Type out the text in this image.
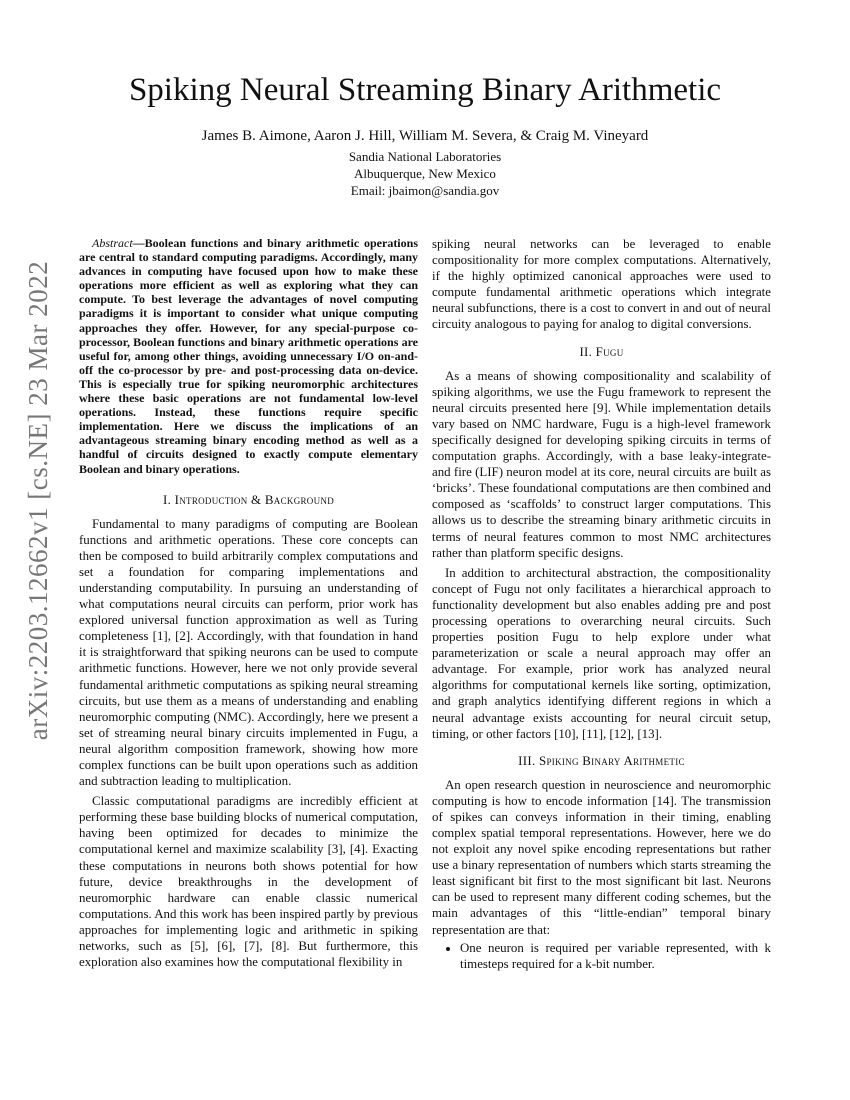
arXiv:2203.12662v1 [cs.NE] 23 Mar 2022
Spiking Neural Streaming Binary Arithmetic
James B. Aimone, Aaron J. Hill, William M. Severa, & Craig M. Vineyard
Sandia National Laboratories
Albuquerque, New Mexico
Email: jbaimon@sandia.gov

Abstract—Boolean functions and binary arithmetic operations are central to standard computing paradigms. Accordingly, many advances in computing have focused upon how to make these operations more efficient as well as exploring what they can compute. To best leverage the advantages of novel computing paradigms it is important to consider what unique computing approaches they offer. However, for any special-purpose co-processor, Boolean functions and binary arithmetic operations are useful for, among other things, avoiding unnecessary I/O on-and-off the co-processor by pre- and post-processing data on-device. This is especially true for spiking neuromorphic architectures where these basic operations are not fundamental low-level operations. Instead, these functions require specific implementation. Here we discuss the implications of an advantageous streaming binary encoding method as well as a handful of circuits designed to exactly compute elementary Boolean and binary operations.

I. Introduction & Background

Fundamental to many paradigms of computing are Boolean functions and arithmetic operations. These core concepts can then be composed to build arbitrarily complex computations and set a foundation for comparing implementations and understanding computability. In pursuing an understanding of what computations neural circuits can perform, prior work has explored universal function approximation as well as Turing completeness [1], [2]. Accordingly, with that foundation in hand it is straightforward that spiking neurons can be used to compute arithmetic functions. However, here we not only provide several fundamental arithmetic computations as spiking neural streaming circuits, but use them as a means of understanding and enabling neuromorphic computing (NMC). Accordingly, here we present a set of streaming neural binary circuits implemented in Fugu, a neural algorithm composition framework, showing how more complex functions can be built upon operations such as addition and subtraction leading to multiplication.

Classic computational paradigms are incredibly efficient at performing these base building blocks of numerical computation, having been optimized for decades to minimize the computational kernel and maximize scalability [3], [4]. Exacting these computations in neurons both shows potential for how future, device breakthroughs in the development of neuromorphic hardware can enable classic numerical computations. And this work has been inspired partly by previous approaches for implementing logic and arithmetic in spiking networks, such as [5], [6], [7], [8]. But furthermore, this exploration also examines how the computational flexibility in

spiking neural networks can be leveraged to enable compositionality for more complex computations. Alternatively, if the highly optimized canonical approaches were used to compute fundamental arithmetic operations which integrate neural subfunctions, there is a cost to convert in and out of neural circuity analogous to paying for analog to digital conversions.

II. Fugu

As a means of showing compositionality and scalability of spiking algorithms, we use the Fugu framework to represent the neural circuits presented here [9]. While implementation details vary based on NMC hardware, Fugu is a high-level framework specifically designed for developing spiking circuits in terms of computation graphs. Accordingly, with a base leaky-integrate-and fire (LIF) neuron model at its core, neural circuits are built as ‘bricks’. These foundational computations are then combined and composed as ‘scaffolds’ to construct larger computations. This allows us to describe the streaming binary arithmetic circuits in terms of neural features common to most NMC architectures rather than platform specific designs.

In addition to architectural abstraction, the compositionality concept of Fugu not only facilitates a hierarchical approach to functionality development but also enables adding pre and post processing operations to overarching neural circuits. Such properties position Fugu to help explore under what parameterization or scale a neural approach may offer an advantage. For example, prior work has analyzed neural algorithms for computational kernels like sorting, optimization, and graph analytics identifying different regions in which a neural advantage exists accounting for neural circuit setup, timing, or other factors [10], [11], [12], [13].

III. Spiking Binary Arithmetic

An open research question in neuroscience and neuromorphic computing is how to encode information [14]. The transmission of spikes can conveys information in their timing, enabling complex spatial temporal representations. However, here we do not exploit any novel spike encoding representations but rather use a binary representation of numbers which starts streaming the least significant bit first to the most significant bit last. Neurons can be used to represent many different coding schemes, but the main advantages of this “little-endian” temporal binary representation are that:

• One neuron is required per variable represented, with k timesteps required for a k-bit number.
